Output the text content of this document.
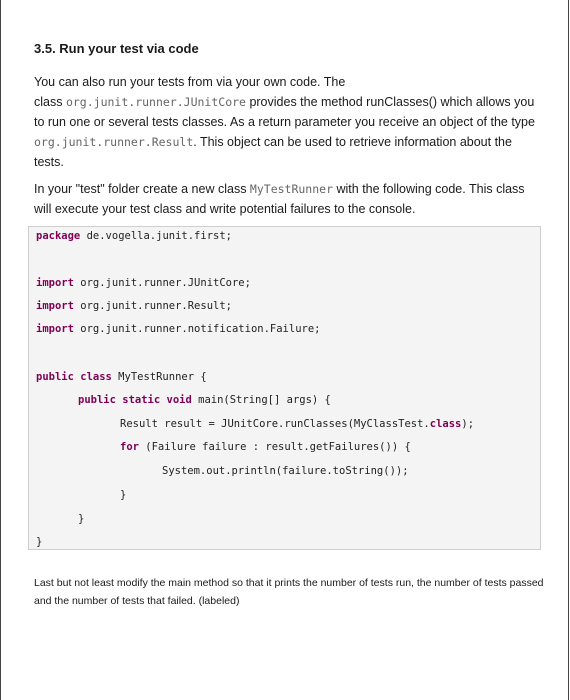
3.5. Run your test via code

You can also run your tests from via your own code. The
class org.junit.runner.JUnitCore provides the method runClasses() which allows you to run one or several tests classes. As a return parameter you receive an object of the type org.junit.runner.Result. This object can be used to retrieve information about the tests.

In your "test" folder create a new class MyTestRunner with the following code. This class will execute your test class and write potential failures to the console.

package de.vogella.junit.first;
import org.junit.runner.JUnitCore;
import org.junit.runner.Result;
import org.junit.runner.notification.Failure;
public class MyTestRunner {
public static void main(String[] args) {
Result result = JUnitCore.runClasses(MyClassTest.class);
for (Failure failure : result.getFailures()) {
System.out.println(failure.toString());
}
}
}

Last but not least modify the main method so that it prints the number of tests run, the number of tests passed and the number of tests that failed. (labeled)
